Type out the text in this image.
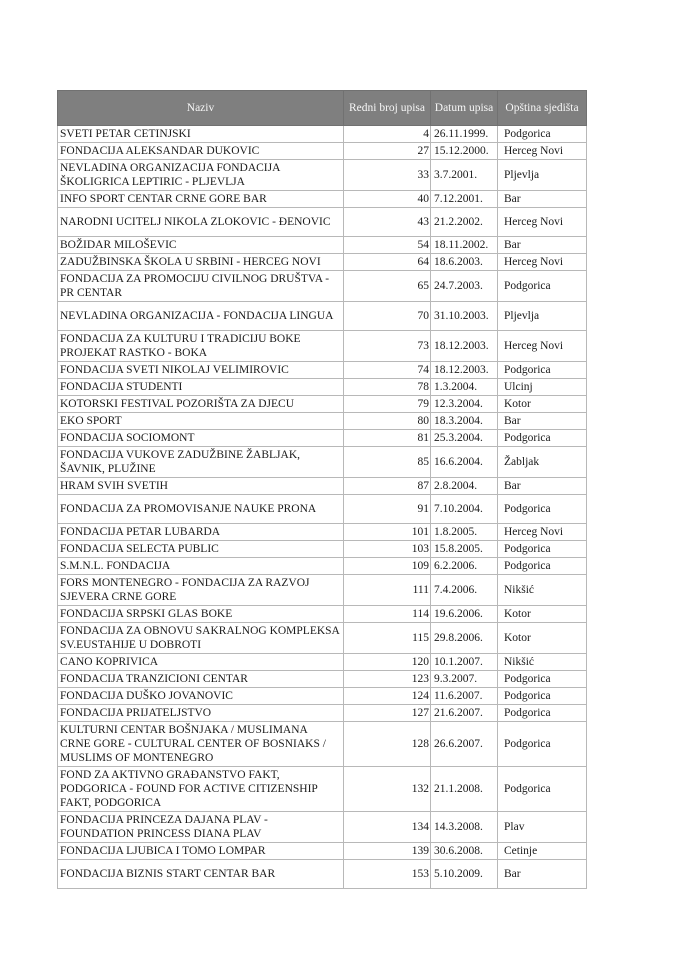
Naziv	Redni broj upisa	Datum upisa	Opština sjedišta
SVETI PETAR CETINJSKI	4	26.11.1999.	Podgorica
FONDACIJA ALEKSANDAR DUKOVIC	27	15.12.2000.	Herceg Novi
NEVLADINA ORGANIZACIJA FONDACIJA ŠKOLIGRICA LEPTIRIC - PLJEVLJA	33	3.7.2001.	Pljevlja
INFO SPORT CENTAR CRNE GORE BAR	40	7.12.2001.	Bar
NARODNI UCITELJ NIKOLA ZLOKOVIC - ĐENOVIC	43	21.2.2002.	Herceg Novi
BOŽIDAR MILOŠEVIC	54	18.11.2002.	Bar
ZADUŽBINSKA ŠKOLA U SRBINI - HERCEG NOVI	64	18.6.2003.	Herceg Novi
FONDACIJA ZA PROMOCIJU CIVILNOG DRUŠTVA - PR CENTAR	65	24.7.2003.	Podgorica
NEVLADINA ORGANIZACIJA - FONDACIJA LINGUA	70	31.10.2003.	Pljevlja
FONDACIJA ZA KULTURU I TRADICIJU BOKE PROJEKAT RASTKO - BOKA	73	18.12.2003.	Herceg Novi
FONDACIJA SVETI NIKOLAJ VELIMIROVIC	74	18.12.2003.	Podgorica
FONDACIJA STUDENTI	78	1.3.2004.	Ulcinj
KOTORSKI FESTIVAL POZORIŠTA ZA DJECU	79	12.3.2004.	Kotor
EKO SPORT	80	18.3.2004.	Bar
FONDACIJA SOCIOMONT	81	25.3.2004.	Podgorica
FONDACIJA VUKOVE ZADUŽBINE ŽABLJAK, ŠAVNIK, PLUŽINE	85	16.6.2004.	Žabljak
HRAM SVIH SVETIH	87	2.8.2004.	Bar
FONDACIJA ZA PROMOVISANJE NAUKE PRONA	91	7.10.2004.	Podgorica
FONDACIJA PETAR LUBARDA	101	1.8.2005.	Herceg Novi
FONDACIJA SELECTA PUBLIC	103	15.8.2005.	Podgorica
S.M.N.L. FONDACIJA	109	6.2.2006.	Podgorica
FORS MONTENEGRO - FONDACIJA ZA RAZVOJ SJEVERA CRNE GORE	111	7.4.2006.	Nikšić
FONDACIJA SRPSKI GLAS BOKE	114	19.6.2006.	Kotor
FONDACIJA ZA OBNOVU SAKRALNOG KOMPLEKSA SV.EUSTAHIJE U DOBROTI	115	29.8.2006.	Kotor
CANO KOPRIVICA	120	10.1.2007.	Nikšić
FONDACIJA TRANZICIONI CENTAR	123	9.3.2007.	Podgorica
FONDACIJA DUŠKO JOVANOVIC	124	11.6.2007.	Podgorica
FONDACIJA PRIJATELJSTVO	127	21.6.2007.	Podgorica
KULTURNI CENTAR BOŠNJAKA / MUSLIMANA CRNE GORE - CULTURAL CENTER OF BOSNIAKS / MUSLIMS OF MONTENEGRO	128	26.6.2007.	Podgorica
FOND ZA AKTIVNO GRAĐANSTVO FAKT, PODGORICA - FOUND FOR ACTIVE CITIZENSHIP FAKT, PODGORICA	132	21.1.2008.	Podgorica
FONDACIJA PRINCEZA DAJANA PLAV - FOUNDATION PRINCESS DIANA PLAV	134	14.3.2008.	Plav
FONDACIJA LJUBICA I TOMO LOMPAR	139	30.6.2008.	Cetinje
FONDACIJA BIZNIS START CENTAR BAR	153	5.10.2009.	Bar
